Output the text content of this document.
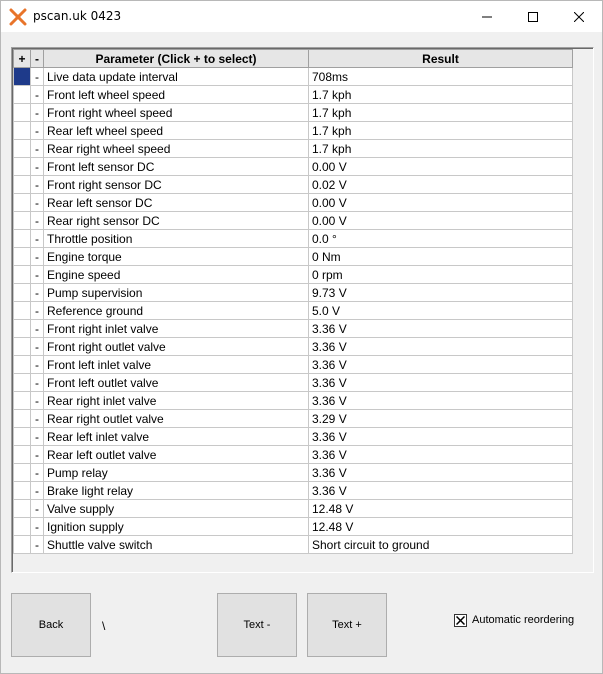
pscan.uk 0423
+	-	Parameter (Click + to select)	Result
	-	Live data update interval	708ms
	-	Front left wheel speed	1.7 kph
	-	Front right wheel speed	1.7 kph
	-	Rear left wheel speed	1.7 kph
	-	Rear right wheel speed	1.7 kph
	-	Front left sensor DC	0.00 V
	-	Front right sensor DC	0.02 V
	-	Rear left sensor DC	0.00 V
	-	Rear right sensor DC	0.00 V
	-	Throttle position	0.0 °
	-	Engine torque	0 Nm
	-	Engine speed	0 rpm
	-	Pump supervision	9.73 V
	-	Reference ground	5.0 V
	-	Front right inlet valve	3.36 V
	-	Front right outlet valve	3.36 V
	-	Front left inlet valve	3.36 V
	-	Front left outlet valve	3.36 V
	-	Rear right inlet valve	3.36 V
	-	Rear right outlet valve	3.29 V
	-	Rear left inlet valve	3.36 V
	-	Rear left outlet valve	3.36 V
	-	Pump relay	3.36 V
	-	Brake light relay	3.36 V
	-	Valve supply	12.48 V
	-	Ignition supply	12.48 V
	-	Shuttle valve switch	Short circuit to ground
Back	\	Text -	Text +	Automatic reordering
